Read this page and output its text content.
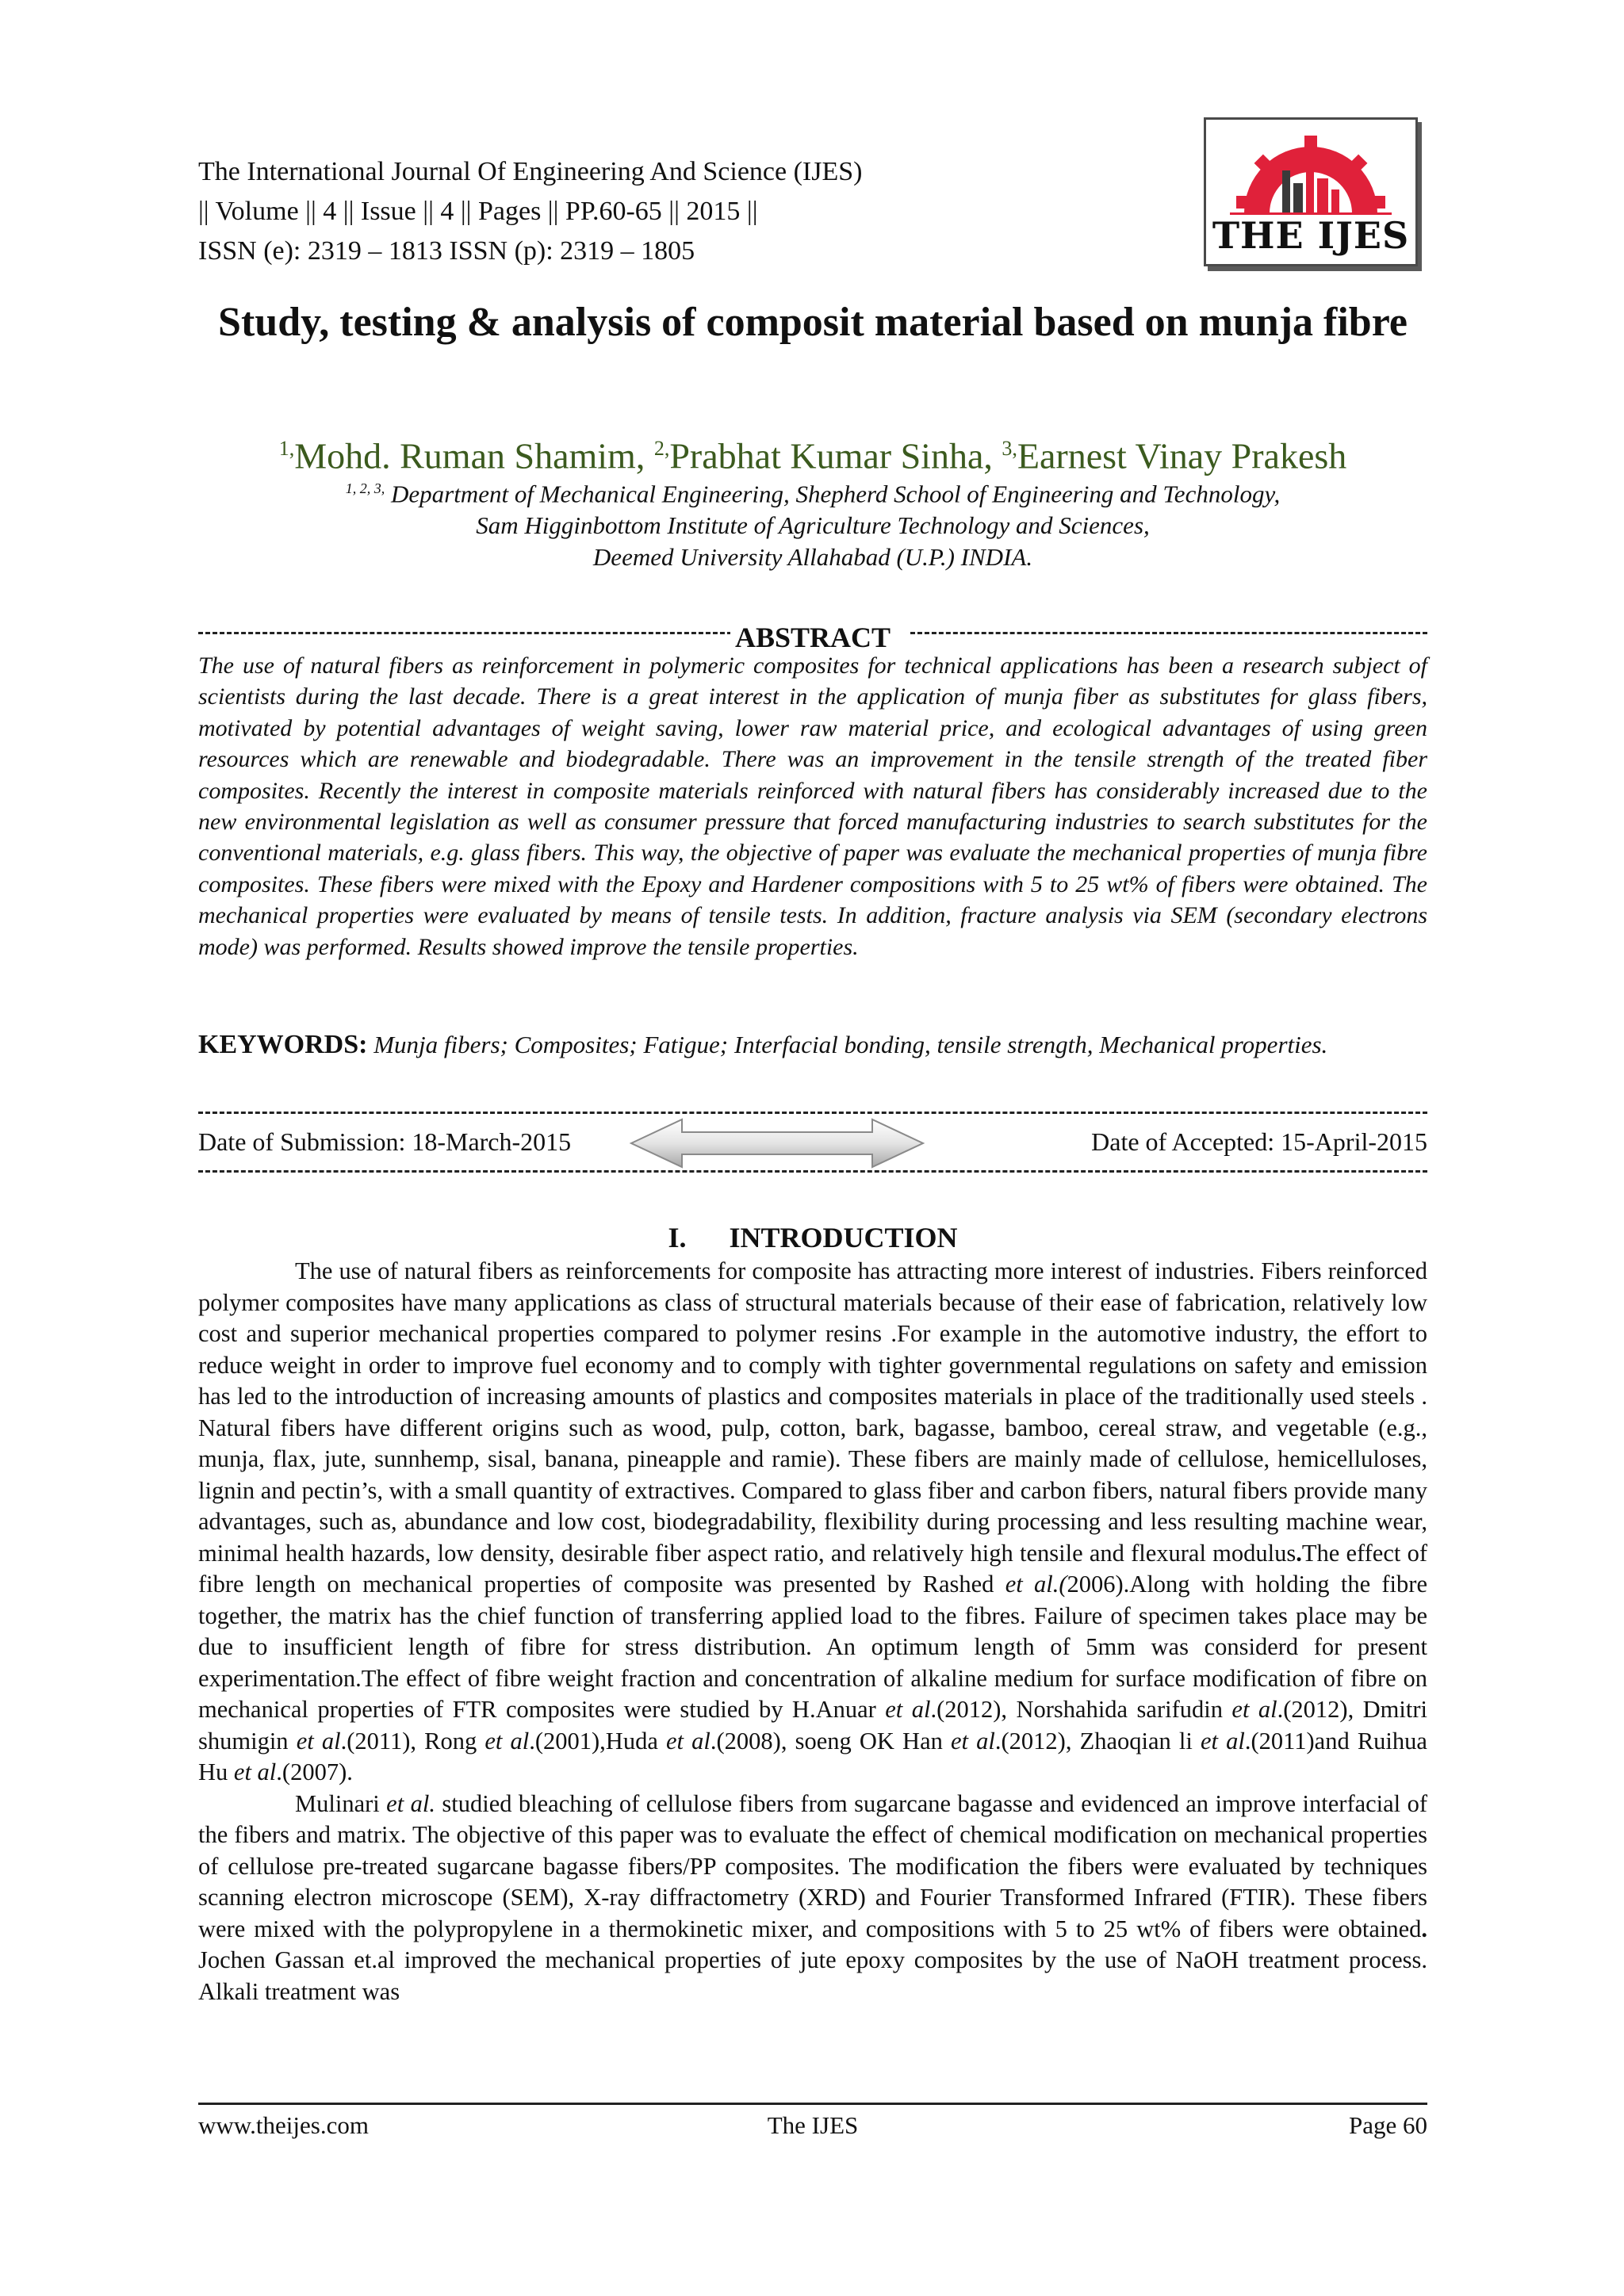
The International Journal Of Engineering And Science (IJES)
|| Volume || 4 || Issue || 4 || Pages || PP.60-65 || 2015 ||
ISSN (e): 2319 – 1813 ISSN (p): 2319 – 1805	THE IJES
Study, testing & analysis of composit material based on munja fibre
$^{1,}$Mohd. Ruman Shamim, $^{2,}$Prabhat Kumar Sinha, $^{3,}$Earnest Vinay Prakesh
$^{1, 2, 3,}$ Department of Mechanical Engineering, Shepherd School of Engineering and Technology,
Sam Higginbottom Institute of Agriculture Technology and Sciences,
Deemed University Allahabad (U.P.) INDIA.
ABSTRACT
The use of natural fibers as reinforcement in polymeric composites for technical applications has been a research subject of scientists during the last decade. There is a great interest in the application of munja fiber as substitutes for glass fibers, motivated by potential advantages of weight saving, lower raw material price, and ecological advantages of using green resources which are renewable and biodegradable. There was an improvement in the tensile strength of the treated fiber composites. Recently the interest in composite materials reinforced with natural fibers has considerably increased due to the new environmental legislation as well as consumer pressure that forced manufacturing industries to search substitutes for the conventional materials, e.g. glass fibers. This way, the objective of paper was evaluate the mechanical properties of munja fibre composites. These fibers were mixed with the Epoxy and Hardener compositions with 5 to 25 wt% of fibers were obtained. The mechanical properties were evaluated by means of tensile tests. In addition, fracture analysis via SEM (secondary electrons mode) was performed. Results showed improve the tensile properties.
KEYWORDS: Munja fibers; Composites; Fatigue; Interfacial bonding, tensile strength, Mechanical properties.
Date of Submission: 18-March-2015	Date of Accepted: 15-April-2015
I.      INTRODUCTION

The use of natural fibers as reinforcements for composite has attracting more interest of industries. Fibers reinforced polymer composites have many applications as class of structural materials because of their ease of fabrication, relatively low cost and superior mechanical properties compared to polymer resins .For example in the automotive industry, the effort to reduce weight in order to improve fuel economy and to comply with tighter governmental regulations on safety and emission has led to the introduction of increasing amounts of plastics and composites materials in place of the traditionally used steels . Natural fibers have different origins such as wood, pulp, cotton, bark, bagasse, bamboo, cereal straw, and vegetable (e.g., munja, flax, jute, sunnhemp, sisal, banana, pineapple and ramie). These fibers are mainly made of cellulose, hemicelluloses, lignin and pectin’s, with a small quantity of extractives. Compared to glass fiber and carbon fibers, natural fibers provide many advantages, such as, abundance and low cost, biodegradability, flexibility during processing and less resulting machine wear, minimal health hazards, low density, desirable fiber aspect ratio, and relatively high tensile and flexural modulus.The effect of fibre length on mechanical properties of composite was presented by Rashed et al.(2006).Along with holding the fibre together, the matrix has the chief function of transferring applied load to the fibres. Failure of specimen takes place may be due to insufficient length of fibre for stress distribution. An optimum length of 5mm was considerd for present experimentation.The effect of fibre weight fraction and concentration of alkaline medium for surface modification of fibre on mechanical properties of FTR composites were studied by H.Anuar et al.(2012), Norshahida sarifudin et al.(2012), Dmitri shumigin et al.(2011), Rong et al.(2001),Huda et al.(2008), soeng OK Han et al.(2012), Zhaoqian li et al.(2011)and Ruihua Hu et al.(2007).

Mulinari et al. studied bleaching of cellulose fibers from sugarcane bagasse and evidenced an improve interfacial of the fibers and matrix. The objective of this paper was to evaluate the effect of chemical modification on mechanical properties of cellulose pre-treated sugarcane bagasse fibers/PP composites. The modification the fibers were evaluated by techniques scanning electron microscope (SEM), X-ray diffractometry (XRD) and Fourier Transformed Infrared (FTIR). These fibers were mixed with the polypropylene in a thermokinetic mixer, and compositions with 5 to 25 wt% of fibers were obtained. Jochen Gassan et.al improved the mechanical properties of jute epoxy composites by the use of NaOH treatment process. Alkali treatment was

www.theijes.com	The IJES	Page 60
